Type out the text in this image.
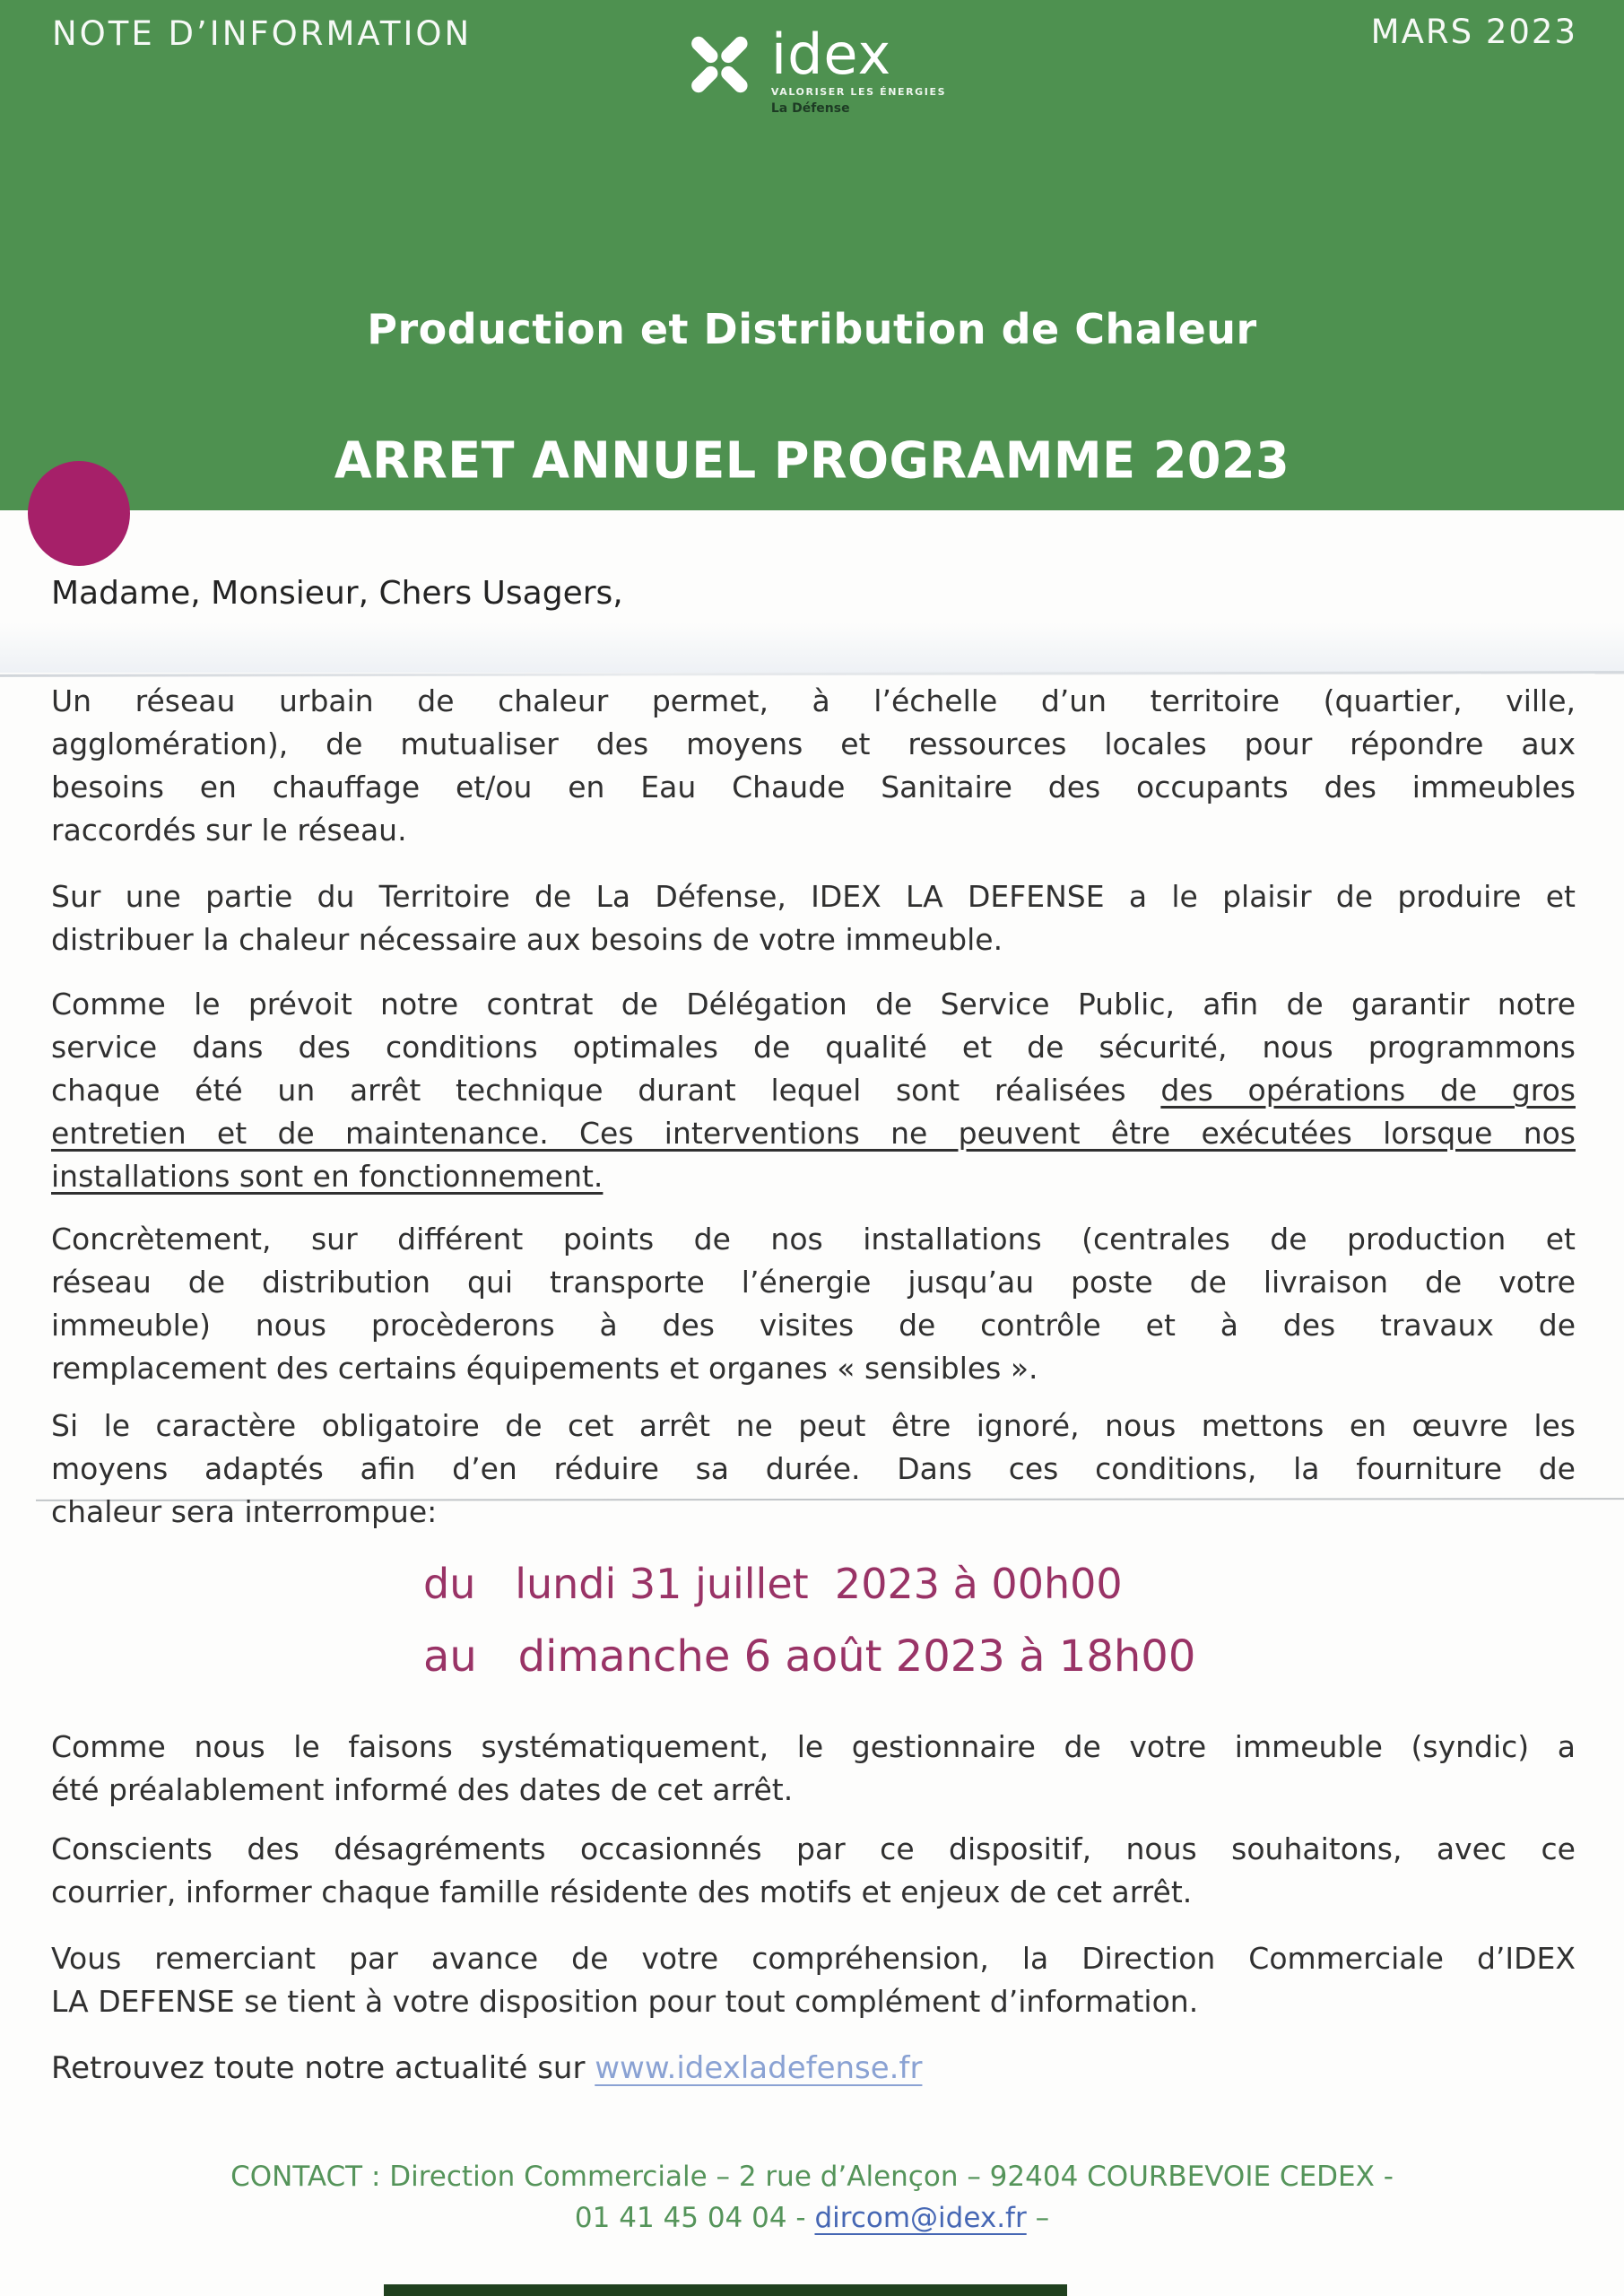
NOTE D’INFORMATION	MARS 2023
idex
VALORISER LES ÉNERGIES
La Défense
Production et Distribution de Chaleur
ARRET ANNUEL PROGRAMME 2023

Madame, Monsieur, Chers Usagers,

Un réseau urbain de chaleur permet, à l’échelle d’un territoire (quartier, ville,
agglomération), de mutualiser des moyens et ressources locales pour répondre aux
besoins en chauffage et/ou en Eau Chaude Sanitaire des occupants des immeubles
raccordés sur le réseau.
Sur une partie du Territoire de La Défense, IDEX LA DEFENSE a le plaisir de produire et
distribuer la chaleur nécessaire aux besoins de votre immeuble.
Comme le prévoit notre contrat de Délégation de Service Public, afin de garantir notre
service dans des conditions optimales de qualité et de sécurité, nous programmons
chaque été un arrêt technique durant lequel sont réalisées des opérations de gros
entretien et de maintenance. Ces interventions ne peuvent être exécutées lorsque nos
installations sont en fonctionnement.
Concrètement, sur différent points de nos installations (centrales de production et
réseau de distribution qui transporte l’énergie jusqu’au poste de livraison de votre
immeuble) nous procèderons à des visites de contrôle et à des travaux de
remplacement des certains équipements et organes « sensibles ».
Si le caractère obligatoire de cet arrêt ne peut être ignoré, nous mettons en œuvre les
moyens adaptés afin d’en réduire sa durée. Dans ces conditions, la fourniture de
chaleur sera interrompue:
du   lundi 31 juillet  2023 à 00h00
au   dimanche 6 août 2023 à 18h00
Comme nous le faisons systématiquement, le gestionnaire de votre immeuble (syndic) a
été préalablement informé des dates de cet arrêt.
Conscients des désagréments occasionnés par ce dispositif, nous souhaitons, avec ce
courrier, informer chaque famille résidente des motifs et enjeux de cet arrêt.
Vous remerciant par avance de votre compréhension, la Direction Commerciale d’IDEX
LA DEFENSE se tient à votre disposition pour tout complément d’information.
Retrouvez toute notre actualité sur www.idexladefense.fr
CONTACT : Direction Commerciale – 2 rue d’Alençon – 92404 COURBEVOIE CEDEX -
01 41 45 04 04 - dircom@idex.fr –
